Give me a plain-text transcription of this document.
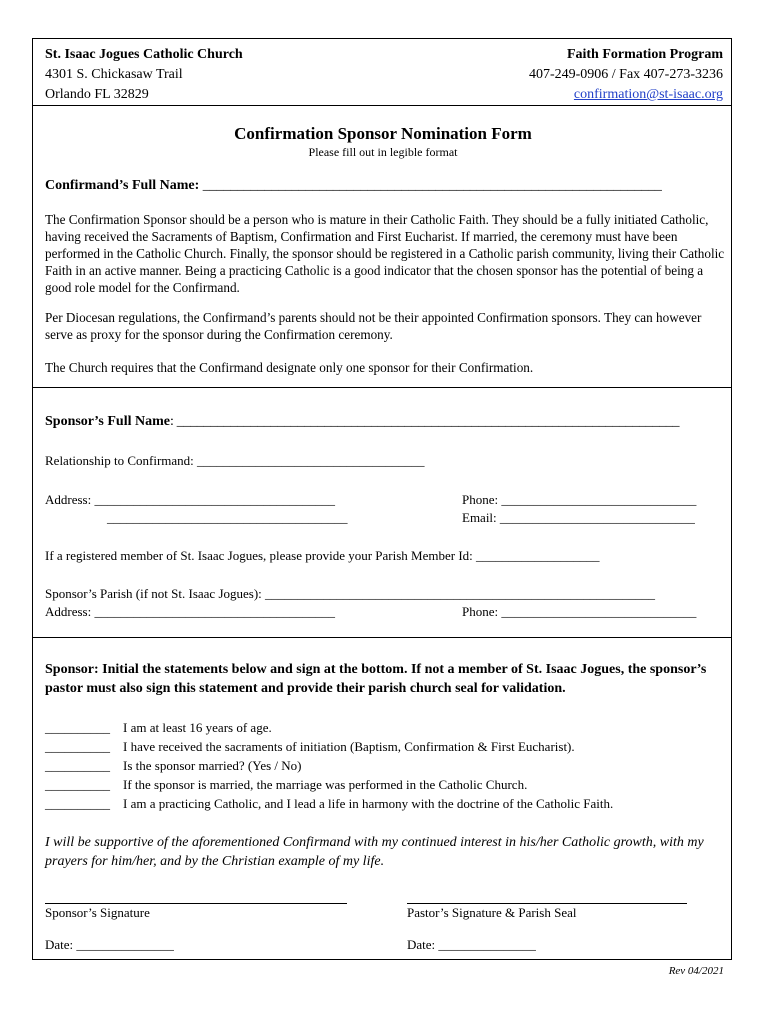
St. Isaac Jogues Catholic Church
4301 S. Chickasaw Trail
Orlando FL 32829
Faith Formation Program
407-249-0906 / Fax 407-273-3236
confirmation@st-isaac.org
Confirmation Sponsor Nomination Form
Please fill out in legible format
Confirmand’s Full Name: ___________________________________________________________________
The Confirmation Sponsor should be a person who is mature in their Catholic Faith. They should be a fully initiated Catholic, having received the Sacraments of Baptism, Confirmation and First Eucharist. If married, the ceremony must have been performed in the Catholic Church. Finally, the sponsor should be registered in a Catholic parish community, living their Catholic Faith in an active manner. Being a practicing Catholic is a good indicator that the chosen sponsor has the potential of being a good role model for the Confirmand.
Per Diocesan regulations, the Confirmand’s parents should not be their appointed Confirmation sponsors. They can however serve as proxy for the sponsor during the Confirmation ceremony.
The Church requires that the Confirmand designate only one sponsor for their Confirmation.
Sponsor’s Full Name: ___________________________________________________________________________
Relationship to Confirmand: ___________________________________
Address: _____________________________________
_____________________________________
Phone: ______________________________
Email: ______________________________
If a registered member of St. Isaac Jogues, please provide your Parish Member Id: ___________________
Sponsor’s Parish (if not St. Isaac Jogues): ____________________________________________________________
Address: _____________________________________	Phone: ______________________________
Sponsor: Initial the statements below and sign at the bottom. If not a member of St. Isaac Jogues, the sponsor’s pastor must also sign this statement and provide their parish church seal for validation.
__________ I am at least 16 years of age.
__________ I have received the sacraments of initiation (Baptism, Confirmation & First Eucharist).
__________ Is the sponsor married? (Yes / No)
__________ If the sponsor is married, the marriage was performed in the Catholic Church.
__________ I am a practicing Catholic, and I lead a life in harmony with the doctrine of the Catholic Faith.
I will be supportive of the aforementioned Confirmand with my continued interest in his/her Catholic growth, with my prayers for him/her, and by the Christian example of my life.
Sponsor’s Signature	Pastor’s Signature & Parish Seal
Date: _______________	Date: _______________
Rev 04/2021
